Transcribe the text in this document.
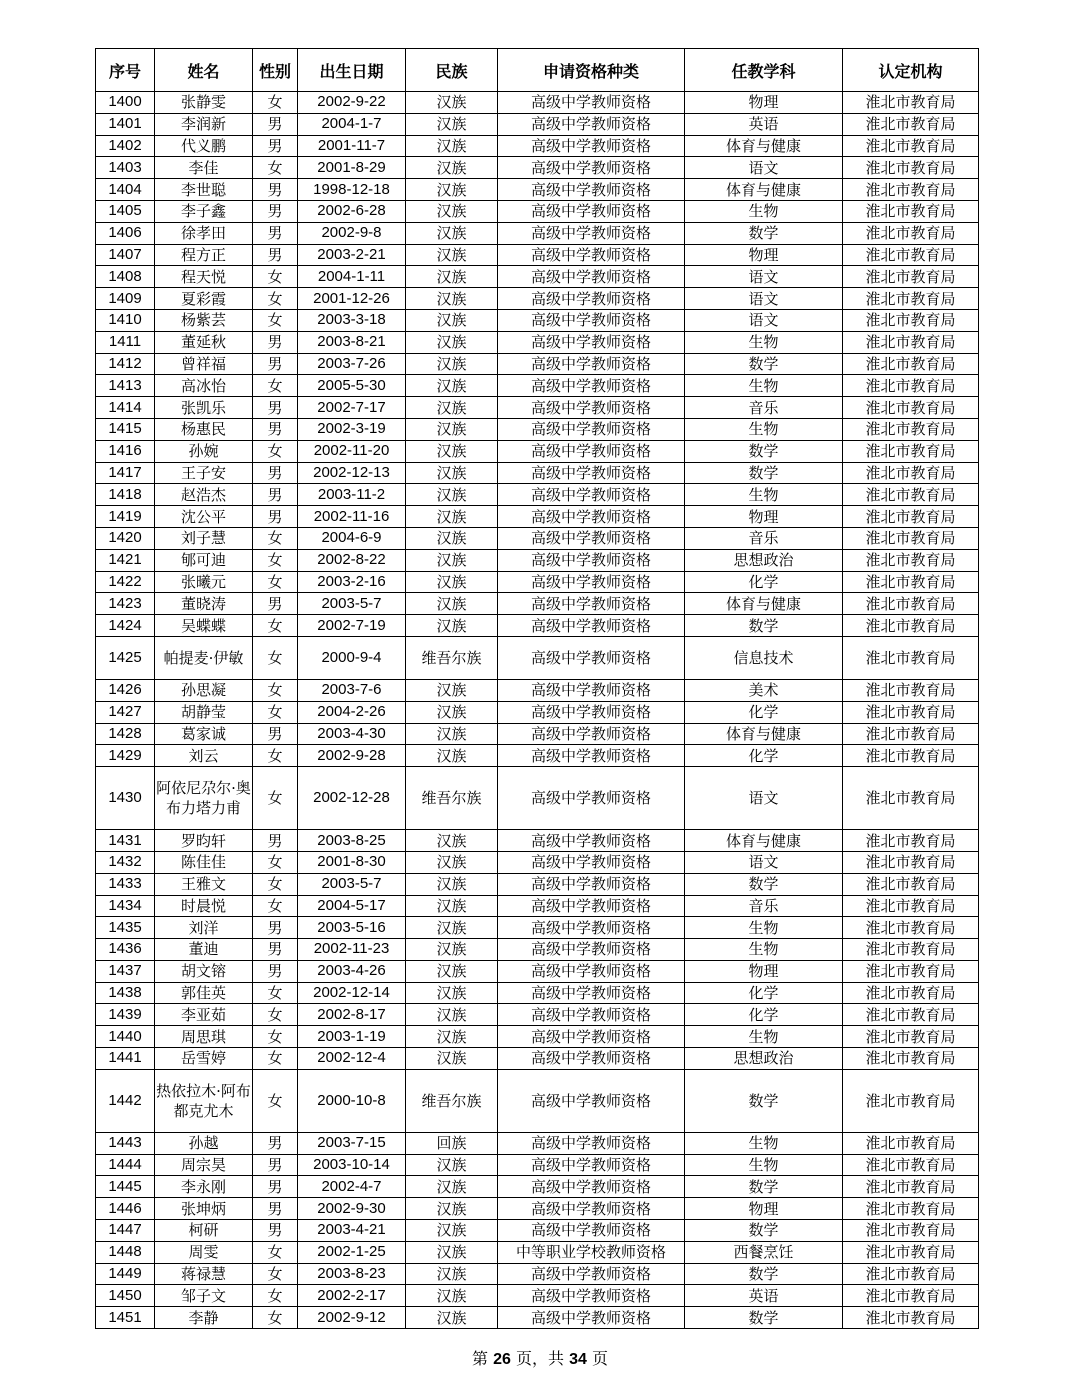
序号	姓名	性别	出生日期	民族	申请资格种类	任教学科	认定机构
1400	张静雯	女	2002-9-22	汉族	高级中学教师资格	物理	淮北市教育局
1401	李润新	男	2004-1-7	汉族	高级中学教师资格	英语	淮北市教育局
1402	代义鹏	男	2001-11-7	汉族	高级中学教师资格	体育与健康	淮北市教育局
1403	李佳	女	2001-8-29	汉族	高级中学教师资格	语文	淮北市教育局
1404	李世聪	男	1998-12-18	汉族	高级中学教师资格	体育与健康	淮北市教育局
1405	李子鑫	男	2002-6-28	汉族	高级中学教师资格	生物	淮北市教育局
1406	徐孝田	男	2002-9-8	汉族	高级中学教师资格	数学	淮北市教育局
1407	程方正	男	2003-2-21	汉族	高级中学教师资格	物理	淮北市教育局
1408	程天悦	女	2004-1-11	汉族	高级中学教师资格	语文	淮北市教育局
1409	夏彩霞	女	2001-12-26	汉族	高级中学教师资格	语文	淮北市教育局
1410	杨紫芸	女	2003-3-18	汉族	高级中学教师资格	语文	淮北市教育局
1411	董延秋	男	2003-8-21	汉族	高级中学教师资格	生物	淮北市教育局
1412	曾祥福	男	2003-7-26	汉族	高级中学教师资格	数学	淮北市教育局
1413	高冰怡	女	2005-5-30	汉族	高级中学教师资格	生物	淮北市教育局
1414	张凯乐	男	2002-7-17	汉族	高级中学教师资格	音乐	淮北市教育局
1415	杨惠民	男	2002-3-19	汉族	高级中学教师资格	生物	淮北市教育局
1416	孙婉	女	2002-11-20	汉族	高级中学教师资格	数学	淮北市教育局
1417	王子安	男	2002-12-13	汉族	高级中学教师资格	数学	淮北市教育局
1418	赵浩杰	男	2003-11-2	汉族	高级中学教师资格	生物	淮北市教育局
1419	沈公平	男	2002-11-16	汉族	高级中学教师资格	物理	淮北市教育局
1420	刘子慧	女	2004-6-9	汉族	高级中学教师资格	音乐	淮北市教育局
1421	郇可迪	女	2002-8-22	汉族	高级中学教师资格	思想政治	淮北市教育局
1422	张曦元	女	2003-2-16	汉族	高级中学教师资格	化学	淮北市教育局
1423	董晓涛	男	2003-5-7	汉族	高级中学教师资格	体育与健康	淮北市教育局
1424	吴蝶蝶	女	2002-7-19	汉族	高级中学教师资格	数学	淮北市教育局
1425	帕提麦·伊敏	女	2000-9-4	维吾尔族	高级中学教师资格	信息技术	淮北市教育局
1426	孙思凝	女	2003-7-6	汉族	高级中学教师资格	美术	淮北市教育局
1427	胡静莹	女	2004-2-26	汉族	高级中学教师资格	化学	淮北市教育局
1428	葛家诚	男	2003-4-30	汉族	高级中学教师资格	体育与健康	淮北市教育局
1429	刘云	女	2002-9-28	汉族	高级中学教师资格	化学	淮北市教育局
1430	阿依尼尕尔·奥布力塔力甫	女	2002-12-28	维吾尔族	高级中学教师资格	语文	淮北市教育局
1431	罗昀轩	男	2003-8-25	汉族	高级中学教师资格	体育与健康	淮北市教育局
1432	陈佳佳	女	2001-8-30	汉族	高级中学教师资格	语文	淮北市教育局
1433	王雅文	女	2003-5-7	汉族	高级中学教师资格	数学	淮北市教育局
1434	时晨悦	女	2004-5-17	汉族	高级中学教师资格	音乐	淮北市教育局
1435	刘洋	男	2003-5-16	汉族	高级中学教师资格	生物	淮北市教育局
1436	董迪	男	2002-11-23	汉族	高级中学教师资格	生物	淮北市教育局
1437	胡文镕	男	2003-4-26	汉族	高级中学教师资格	物理	淮北市教育局
1438	郭佳英	女	2002-12-14	汉族	高级中学教师资格	化学	淮北市教育局
1439	李亚茹	女	2002-8-17	汉族	高级中学教师资格	化学	淮北市教育局
1440	周思琪	女	2003-1-19	汉族	高级中学教师资格	生物	淮北市教育局
1441	岳雪婷	女	2002-12-4	汉族	高级中学教师资格	思想政治	淮北市教育局
1442	热依拉木·阿布都克尤木	女	2000-10-8	维吾尔族	高级中学教师资格	数学	淮北市教育局
1443	孙越	男	2003-7-15	回族	高级中学教师资格	生物	淮北市教育局
1444	周宗昊	男	2003-10-14	汉族	高级中学教师资格	生物	淮北市教育局
1445	李永刚	男	2002-4-7	汉族	高级中学教师资格	数学	淮北市教育局
1446	张坤炳	男	2002-9-30	汉族	高级中学教师资格	物理	淮北市教育局
1447	柯研	男	2003-4-21	汉族	高级中学教师资格	数学	淮北市教育局
1448	周雯	女	2002-1-25	汉族	中等职业学校教师资格	西餐烹饪	淮北市教育局
1449	蒋禄慧	女	2003-8-23	汉族	高级中学教师资格	数学	淮北市教育局
1450	邹子文	女	2002-2-17	汉族	高级中学教师资格	英语	淮北市教育局
1451	李静	女	2002-9-12	汉族	高级中学教师资格	数学	淮北市教育局
第 26 页，共 34 页
